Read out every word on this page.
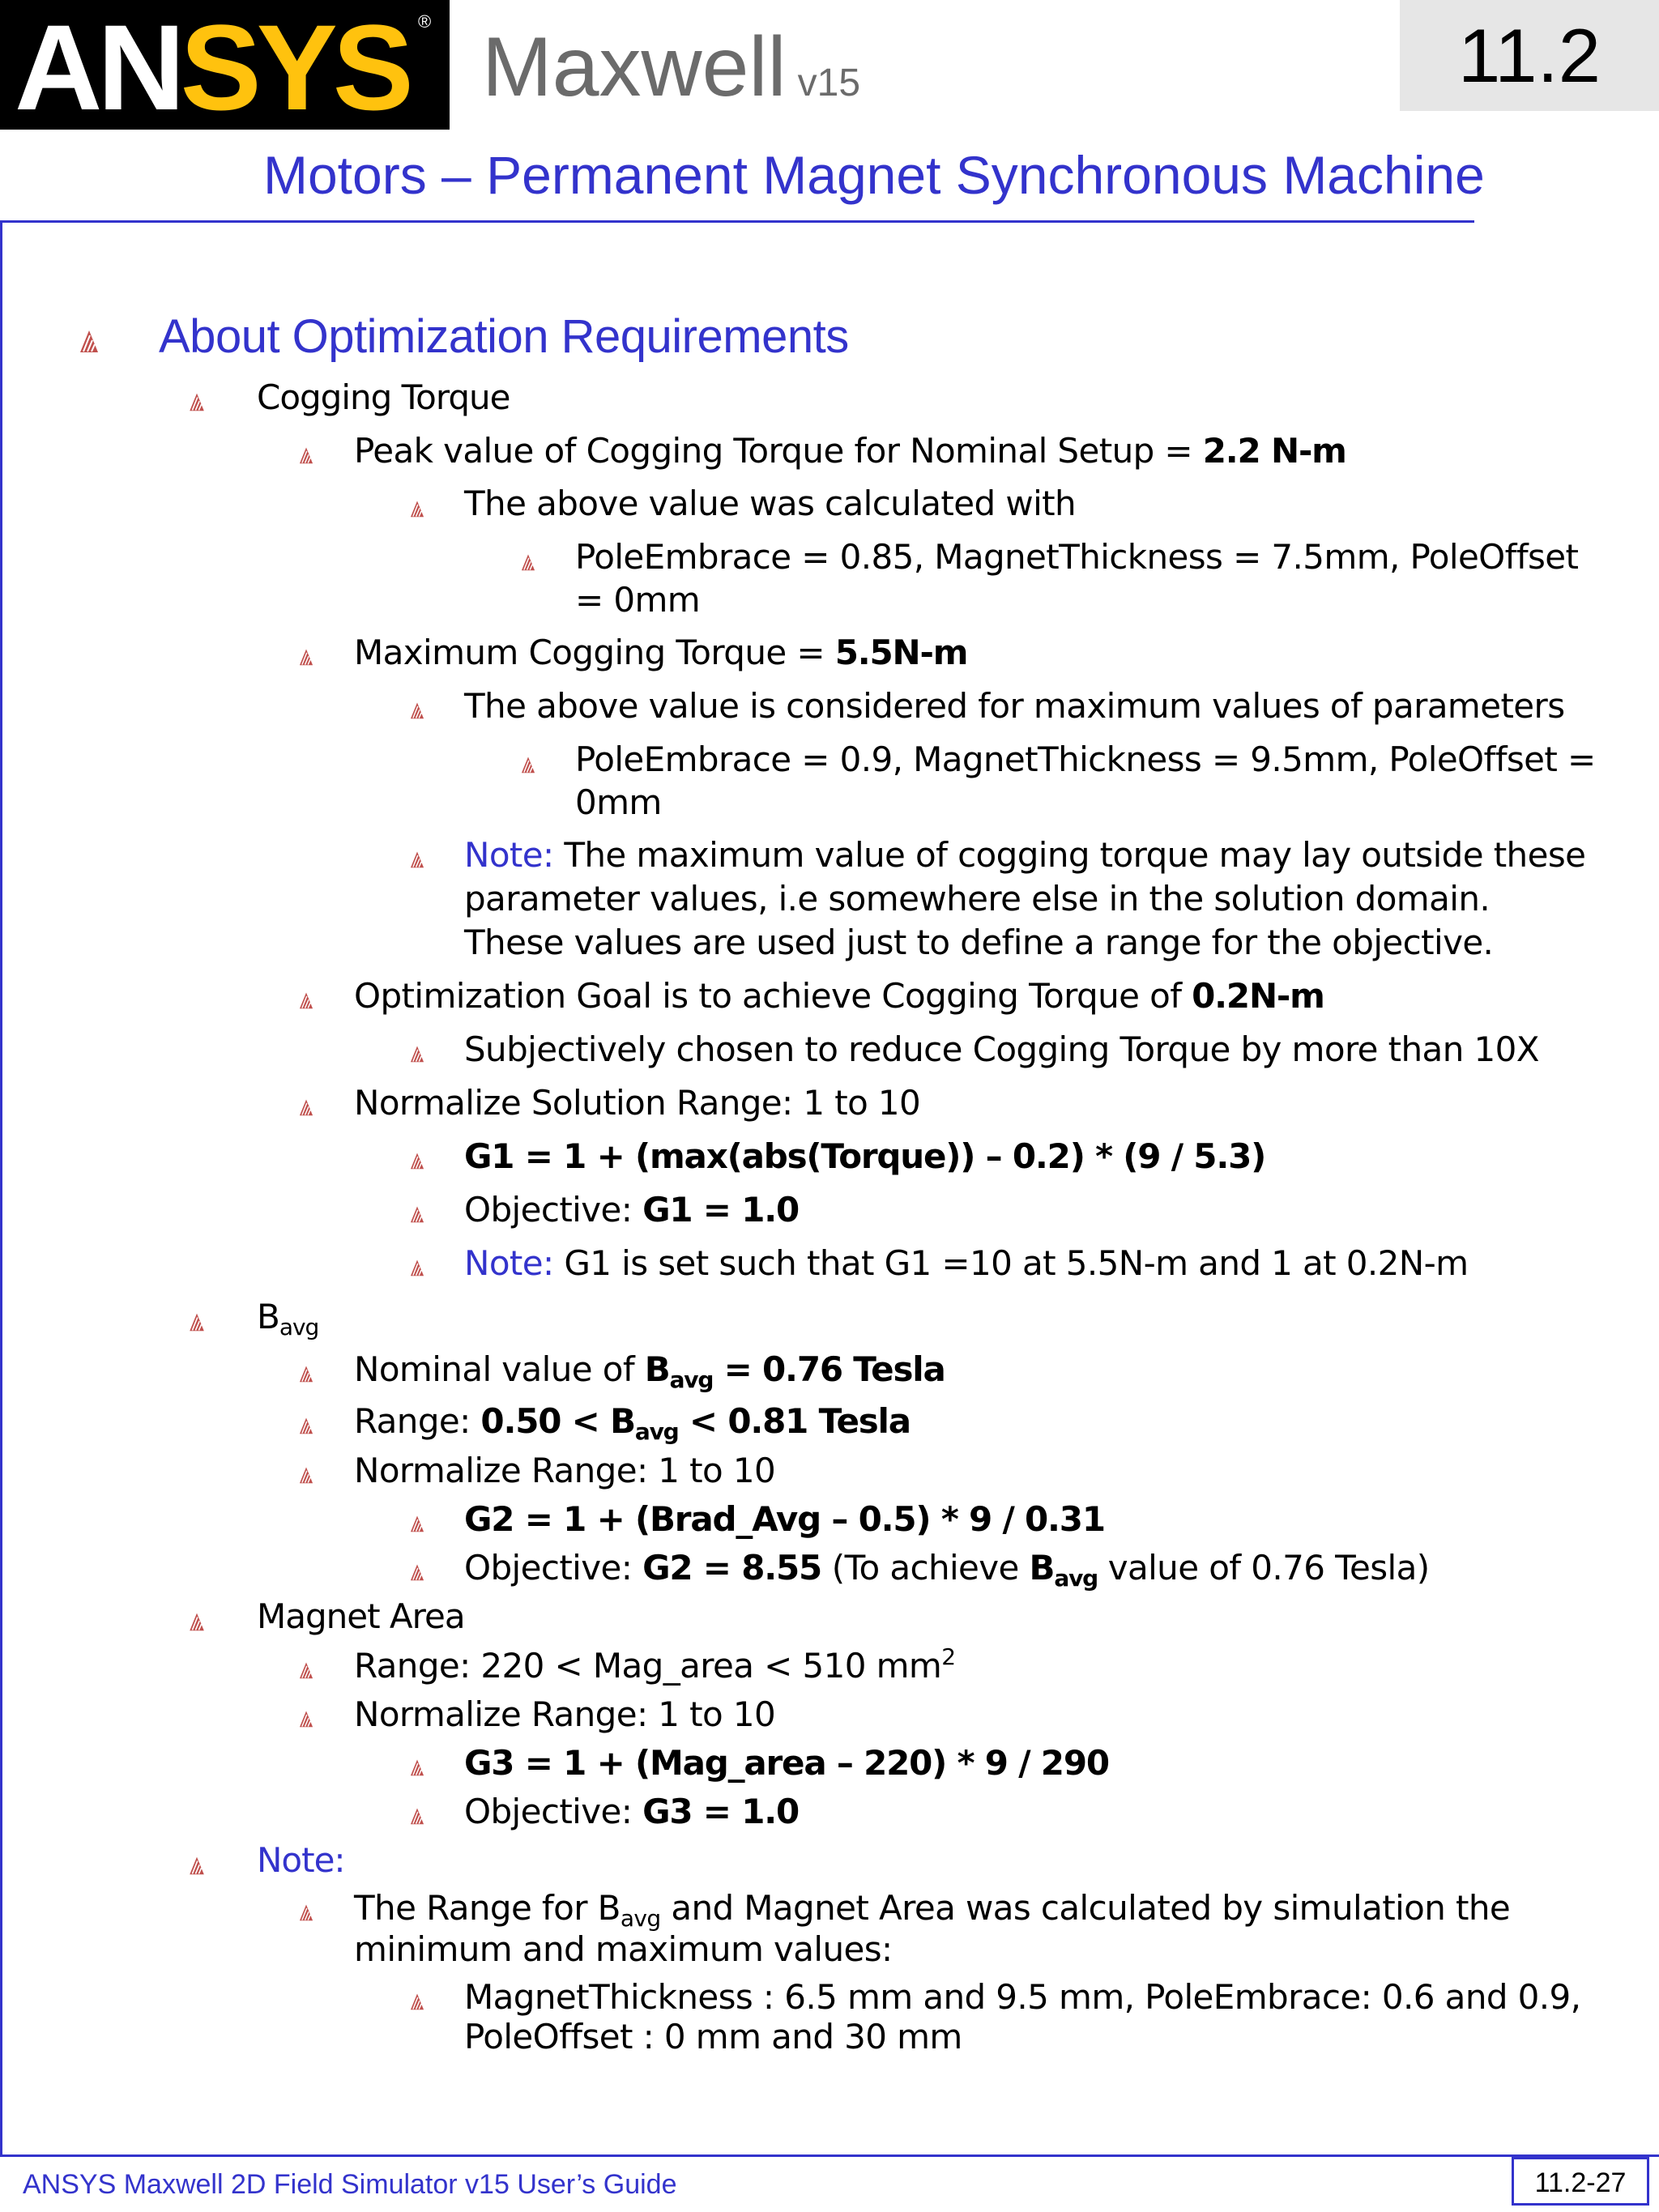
ANSYS ® Maxwell v15	11.2
Motors – Permanent Magnet Synchronous Machine
About Optimization Requirements
Cogging Torque
Peak value of Cogging Torque for Nominal Setup = 2.2 N-m
The above value was calculated with
PoleEmbrace = 0.85, MagnetThickness = 7.5mm, PoleOffset
= 0mm
Maximum Cogging Torque = 5.5N-m
The above value is considered for maximum values of parameters
PoleEmbrace = 0.9, MagnetThickness = 9.5mm, PoleOffset =
0mm
Note: The maximum value of cogging torque may lay outside these
parameter values, i.e somewhere else in the solution domain.
These values are used just to define a range for the objective.
Optimization Goal is to achieve Cogging Torque of 0.2N-m
Subjectively chosen to reduce Cogging Torque by more than 10X
Normalize Solution Range: 1 to 10
G1 = 1 + (max(abs(Torque)) – 0.2) * (9 / 5.3)
Objective: G1 = 1.0
Note: G1 is set such that G1 =10 at 5.5N-m and 1 at 0.2N-m
$B_{avg}$
Nominal value of $B_{avg} = 0.76$ Tesla
Range: $0.50 < B_{avg} < 0.81$ Tesla
Normalize Range: 1 to 10
G2 = 1 + (Brad_Avg – 0.5) * 9 / 0.31
Objective: G2 = 8.55 (To achieve $B_{avg}$ value of 0.76 Tesla)
Magnet Area
Range: 220 < Mag_area < 510 $mm^2$
Normalize Range: 1 to 10
G3 = 1 + (Mag_area – 220) * 9 / 290
Objective: G3 = 1.0
Note:
The Range for $B_{avg}$ and Magnet Area was calculated by simulation the
minimum and maximum values:
MagnetThickness : 6.5 mm and 9.5 mm, PoleEmbrace: 0.6 and 0.9,
PoleOffset : 0 mm and 30 mm
ANSYS Maxwell 2D Field Simulator v15 User’s Guide	11.2-27
